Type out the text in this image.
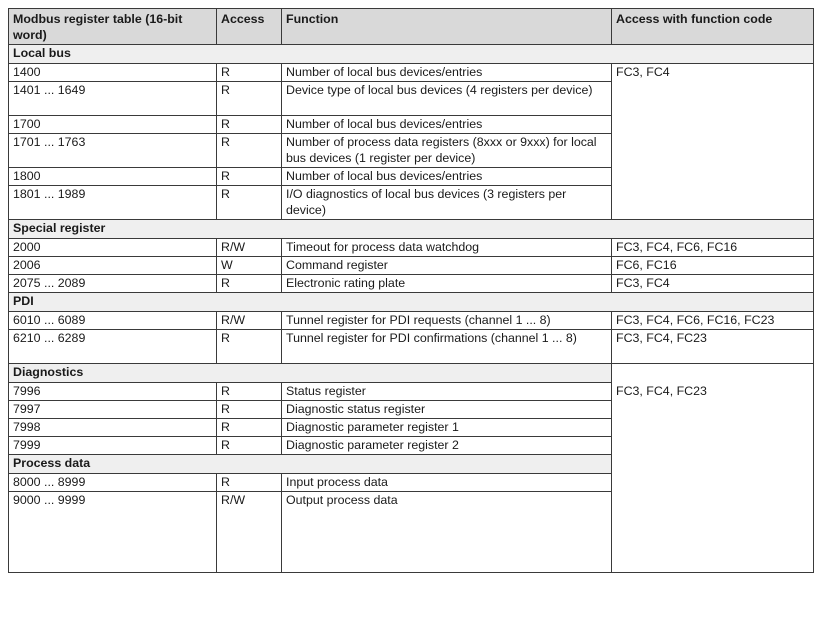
Modbus register table (16-bit word)	Access	Function	Access with function code	
Local bus				
1400	R	Number of local bus devices/entries	FC3, FC4	
1401 ... 1649	R	Device type of local bus devices (4 registers per device)		
1700	R	Number of local bus devices/entries		
1701 ... 1763	R	Number of process data registers (8xxx or 9xxx) for local bus devices (1 register per device)		
1800	R	Number of local bus devices/entries		
1801 ... 1989	R	I/O diagnostics of local bus devices (3 registers per device)		
Special register				
2000	R/W	Timeout for process data watchdog	FC3, FC4, FC6, FC16	
2006	W	Command register	FC6, FC16	
2075 ... 2089	R	Electronic rating plate	FC3, FC4	
PDI				
6010 ... 6089	R/W	Tunnel register for PDI requests (channel 1 ... 8)	FC3, FC4, FC6, FC16, FC23	
6210 ... 6289	R	Tunnel register for PDI confirmations (channel 1 ... 8)	FC3, FC4, FC23	
Diagnostics			FC3, FC4, FC23	
7996	R	Status register		
7997	R	Diagnostic status register		
7998	R	Diagnostic parameter register 1		
7999	R	Diagnostic parameter register 2		
Process data				
8000 ... 8999	R	Input process data		
9000 ... 9999	R/W	Output process data	
